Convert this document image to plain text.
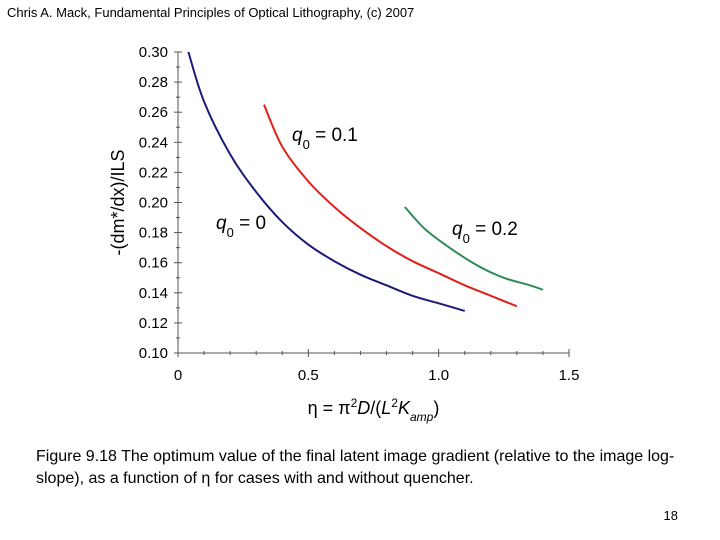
Chris A. Mack, Fundamental Principles of Optical Lithography, (c) 2007
0.10
0.12
0.14
0.16
0.18
0.20
0.22
0.24
0.26
0.28
0.30
0	0.5	1.0	1.5
-(dm*/dx)/ILS
$\eta = \pi^2D/(L^2K_{amp})$
$q_0 = 0$
$q_0 = 0.1$
$q_0 = 0.2$
Figure 9.18 The optimum value of the final latent image gradient (relative to the image log-slope), as a function of η for cases with and without quencher.
18
